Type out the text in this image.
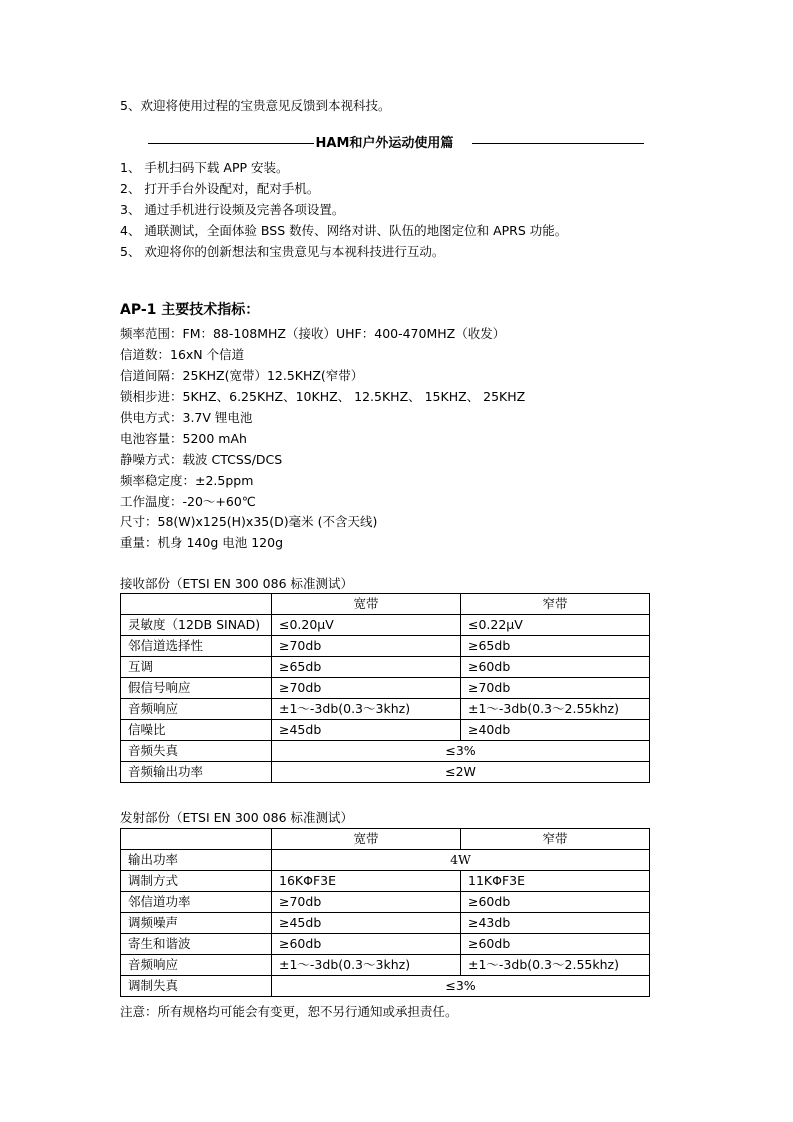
5、欢迎将使用过程的宝贵意见反馈到本视科技。
HAM和户外运动使用篇
1、 手机扫码下载 APP 安装。
2、 打开手台外设配对，配对手机。
3、 通过手机进行设频及完善各项设置。
4、 通联测试，全面体验 BSS 数传、网络对讲、队伍的地图定位和 APRS 功能。
5、 欢迎将你的创新想法和宝贵意见与本视科技进行互动。
AP-1 主要技术指标：
频率范围：FM：88-108MHZ（接收）UHF：400-470MHZ（收发）
信道数：16xN 个信道
信道间隔：25KHZ(宽带）12.5KHZ(窄带）
锁相步进：5KHZ、6.25KHZ、10KHZ、 12.5KHZ、 15KHZ、 25KHZ
供电方式：3.7V 锂电池
电池容量：5200 mAh
静噪方式：载波 CTCSS/DCS
频率稳定度：±2.5ppm
工作温度：-20～+60℃
尺寸：58(W)x125(H)x35(D)毫米 (不含天线)
重量：机身 140g 电池 120g
接收部份（ETSI EN 300 086 标准测试）
	宽带	窄带
灵敏度（12DB SINAD)	≤0.20μV	≤0.22μV
邻信道选择性	≥70db	≥65db
互调	≥65db	≥60db
假信号响应	≥70db	≥70db
音频响应	±1～-3db(0.3～3khz)	±1～-3db(0.3～2.55khz)
信噪比	≥45db	≥40db
音频失真	≤3%	
音频输出功率	≤2W	
发射部份（ETSI EN 300 086 标准测试）
	宽带	窄带
输出功率	4W	
调制方式	16KΦF3E	11KΦF3E
邻信道功率	≥70db	≥60db
调频噪声	≥45db	≥43db
寄生和谐波	≥60db	≥60db
音频响应	±1～-3db(0.3～3khz)	±1～-3db(0.3～2.55khz)
调制失真	≤3%	
注意：所有规格均可能会有变更，恕不另行通知或承担责任。
